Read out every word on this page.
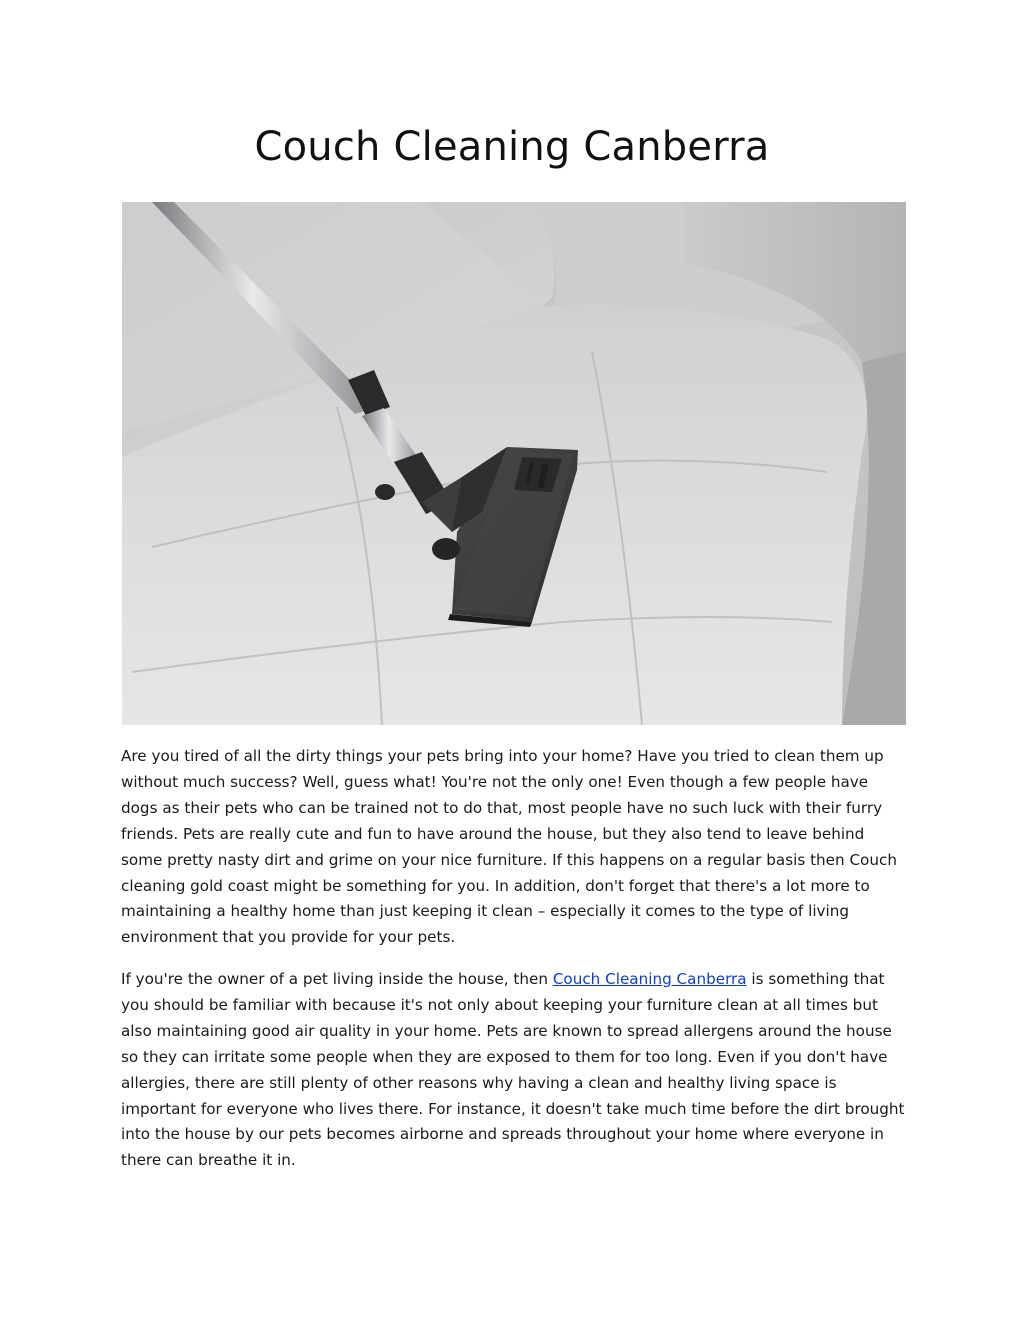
Couch Cleaning Canberra

Are you tired of all the dirty things your pets bring into your home? Have you tried to clean them up without much success? Well, guess what! You're not the only one! Even though a few people have dogs as their pets who can be trained not to do that, most people have no such luck with their furry friends. Pets are really cute and fun to have around the house, but they also tend to leave behind some pretty nasty dirt and grime on your nice furniture. If this happens on a regular basis then Couch cleaning gold coast might be something for you. In addition, don't forget that there's a lot more to maintaining a healthy home than just keeping it clean – especially it comes to the type of living environment that you provide for your pets.

If you're the owner of a pet living inside the house, then Couch Cleaning Canberra is something that you should be familiar with because it's not only about keeping your furniture clean at all times but also maintaining good air quality in your home. Pets are known to spread allergens around the house so they can irritate some people when they are exposed to them for too long. Even if you don't have allergies, there are still plenty of other reasons why having a clean and healthy living space is important for everyone who lives there. For instance, it doesn't take much time before the dirt brought into the house by our pets becomes airborne and spreads throughout your home where everyone in there can breathe it in.
